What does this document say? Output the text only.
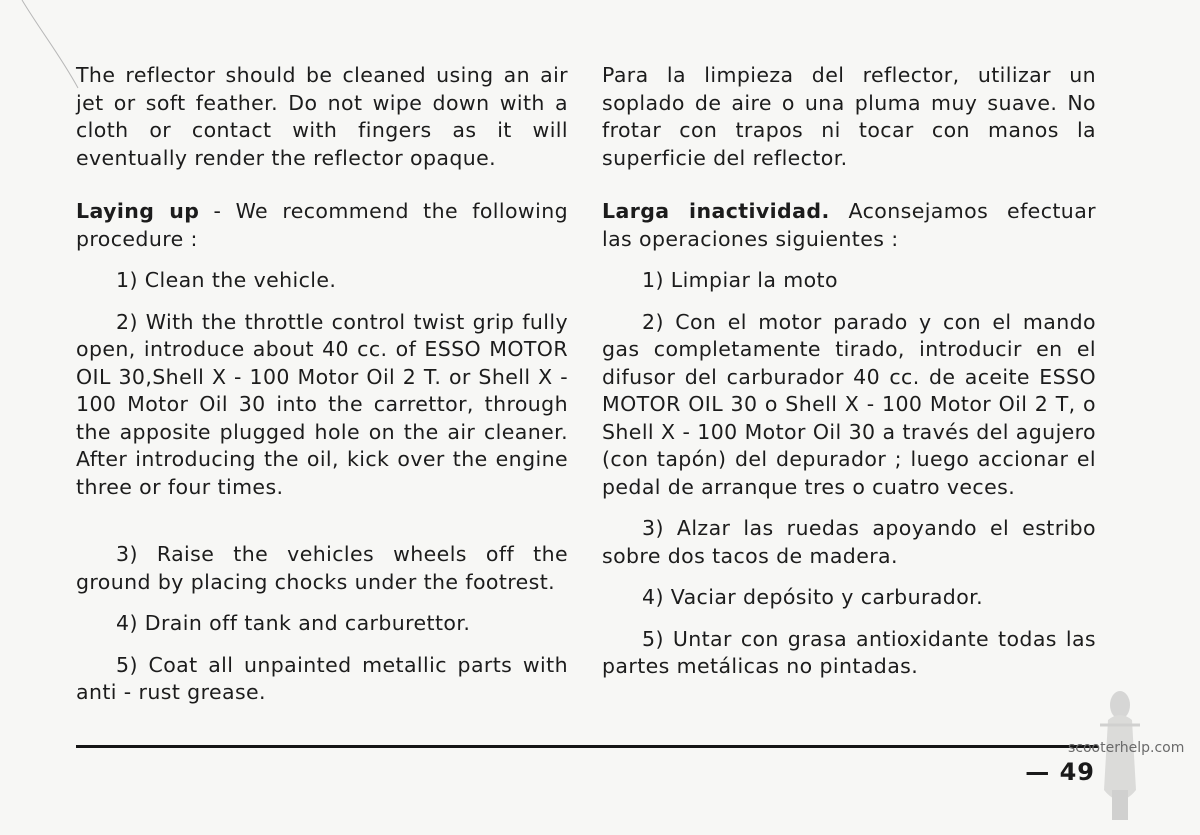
The reflector should be cleaned using an air jet or soft feather. Do not wipe down with a cloth or contact with fingers as it will eventually render the reflector opaque.

Laying up - We recommend the following procedure :

1) Clean the vehicle.

2) With the throttle control twist grip fully open, introduce about 40 cc. of ESSO MOTOR OIL 30,Shell X - 100 Motor Oil 2 T. or Shell X - 100 Motor Oil 30 into the carrettor, through the apposite plugged hole on the air cleaner. After introducing the oil, kick over the engine three or four times.

3) Raise the vehicles wheels off the ground by placing chocks under the footrest.

4) Drain off tank and carburettor.

5) Coat all unpainted metallic parts with anti - rust grease.

Para la limpieza del reflector, utilizar un soplado de aire o una pluma muy suave. No frotar con trapos ni tocar con manos la superficie del reflector.

Larga inactividad. Aconsejamos efectuar las operaciones siguientes :

1) Limpiar la moto

2) Con el motor parado y con el mando gas completamente tirado, introducir en el difusor del carburador 40 cc. de aceite ESSO MOTOR OIL 30 o Shell X - 100 Motor Oil 2 T, o Shell X - 100 Motor Oil 30 a través del agujero (con tapón) del depurador ; luego accionar el pedal de arranque tres o cuatro veces.

3) Alzar las ruedas apoyando el estribo sobre dos tacos de madera.

4) Vaciar depósito y carburador.

5) Untar con grasa antioxidante todas las partes metálicas no pintadas.

scooterhelp.com
— 49
